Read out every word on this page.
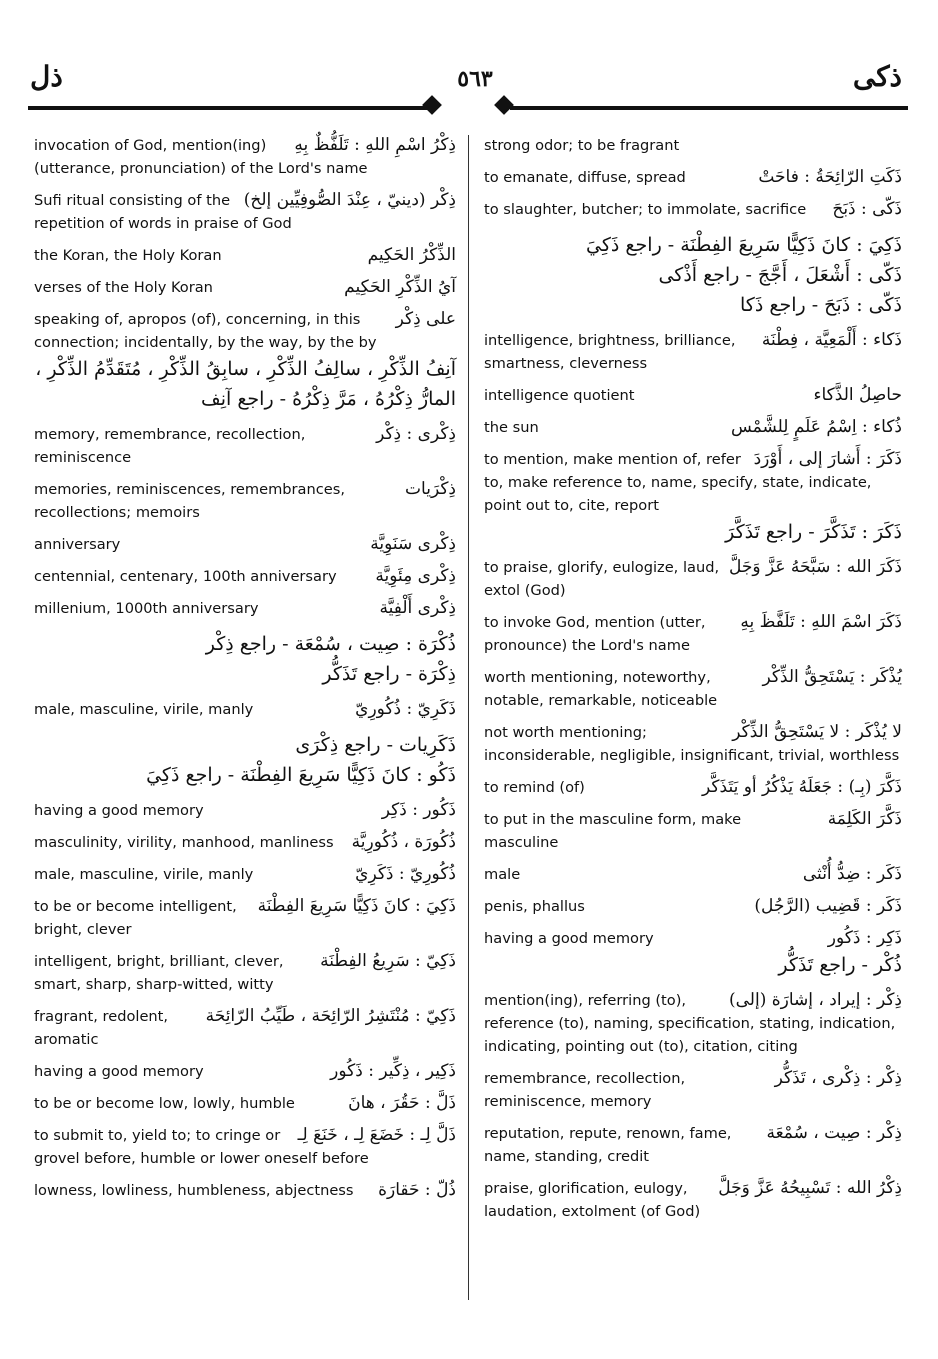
ذل	٥٦٣	ذكى
ذِكْرُ اسْمِ اللهِ : تَلَفُّظٌ بِهِ
invocation of God, mention(ing) (utterance, pronunciation) of the Lord's name
ذِكْر (دينيّ ، عِنْدَ الصُّوفِيِّين إلخ)
Sufi ritual consisting of the repetition of words in praise of God
الذِّكْرُ الحَكِيم
the Koran, the Holy Koran
آيُ الذِّكْرِ الحَكِيم
verses of the Holy Koran
على ذِكْر
speaking of, apropos (of), concerning, in this connection; incidentally, by the way, by the by
آنِفُ الذِّكْرِ ، سالِفُ الذِّكْرِ ، سابِقُ الذِّكْرِ ، مُتَقَدِّمُ الذِّكْرِ ،
المارُّ ذِكْرُهُ ، مَرَّ ذِكْرُهُ - راجع آنِف
ذِكْرى : ذِكْر
memory, remembrance, recollection, reminiscence
ذِكْرَيات
memories, reminiscences, remembrances, recollections; memoirs
ذِكْرى سَنَوِيَّة
anniversary
ذِكْرى مِئَوِيَّة
centennial, centenary, 100th anniversary
ذِكْرى أَلْفِيَّة
millenium, 1000th anniversary
ذُكْرَة : صِيت ، سُمْعَة - راجع ذِكْر
ذِكْرَة - راجع تَذَكُّر
ذَكَرِيّ : ذُكُورِيّ
male, masculine, virile, manly
ذَكَرِيات - راجع ذِكْرَى
ذَكُو : كانَ ذَكِيًّا سَرِيعَ الفِطْنَة - راجع ذَكِيَ
ذَكُور : ذَكِر
having a good memory
ذُكُورَة ، ذُكُورِيَّة
masculinity, virility, manhood, manliness
ذُكُورِيّ : ذَكَرِيّ
male, masculine, virile, manly
ذَكِيَ : كانَ ذَكِيًّا سَرِيعَ الفِطْنَة
to be or become intelligent, bright, clever
ذَكِيّ : سَرِيعُ الفِطْنَة
intelligent, bright, brilliant, clever, smart, sharp, sharp-witted, witty
ذَكِيّ : مُنْتَشِرُ الرّائِحَة ، طَيِّبُ الرّائِحَة
fragrant, redolent, aromatic
ذَكِير ، ذِكِّير : ذَكُور
having a good memory
ذَلَّ : حَقُرَ ، هانَ
to be or become low, lowly, humble
ذَلَّ لِـ : خَضَعَ لِـ ، خَنَعَ لِـ
to submit to, yield to; to cringe or grovel before, humble or lower oneself before
ذُلّ : حَقارَة
lowness, lowliness, humbleness, abjectness
strong odor; to be fragrant
ذَكَتِ الرّائِحَةُ : فاحَتْ
to emanate, diffuse, spread
ذَكّى : ذَبَحَ
to slaughter, butcher; to immolate, sacrifice
ذَكِيَ : كانَ ذَكِيًّا سَرِيعَ الفِطْنَة - راجع ذَكِيَ
ذَكّى : أَشْعَلَ ، أَجَّجَ - راجع أَذْكى
ذَكّى : ذَبَحَ - راجع ذَكا
ذَكاء : أَلْمَعِيَّة ، فِطْنَة
intelligence, brightness, brilliance, smartness, cleverness
حاصِلُ الذَّكاء
intelligence quotient
ذُكاء : اِسْمُ عَلَمٍ لِلشَّمْس
the sun
ذَكَرَ : أَشارَ إلى ، أَوْرَدَ
to mention, make mention of, refer to, make reference to, name, specify, state, indicate, point out to, cite, report
ذَكَرَ : تَذَكَّرَ - راجع تَذَكَّرَ
ذَكَرَ الله : سَبَّحَهُ عَزَّ وَجَلَّ
to praise, glorify, eulogize, laud, extol (God)
ذَكَرَ اسْمَ اللهِ : تَلَفَّظَ بِهِ
to invoke God, mention (utter, pronounce) the Lord's name
يُذْكَر : يَسْتَحِقُّ الذِّكْر
worth mentioning, noteworthy, notable, remarkable, noticeable
لا يُذْكَر : لا يَسْتَحِقُّ الذِّكْر
not worth mentioning; inconsiderable, negligible, insignificant, trivial, worthless
ذَكَّرَ (بِـ) : جَعَلَهُ يَذْكُرُ أو يَتَذَكَّر
to remind (of)
ذَكَّرَ الكَلِمَة
to put in the masculine form, make masculine
ذَكَر : ضِدُّ أُنْثى
male
ذَكَر : قَضِيب (الرَّجُل)
penis, phallus
ذَكِر : ذَكُور
having a good memory
ذُكْر - راجع تَذَكُّر
ذِكْر : إيراد ، إشارَة (إلى)
mention(ing), referring (to), reference (to), naming, specification, stating, indication, indicating, pointing out (to), citation, citing
ذِكْر : ذِكْرى ، تَذَكُّر
remembrance, recollection, reminiscence, memory
ذِكْر : صِيت ، سُمْعَة
reputation, repute, renown, fame, name, standing, credit
ذِكْرُ الله : تَسْبِيحُهُ عَزَّ وَجَلَّ
praise, glorification, eulogy, laudation, extolment (of God)
